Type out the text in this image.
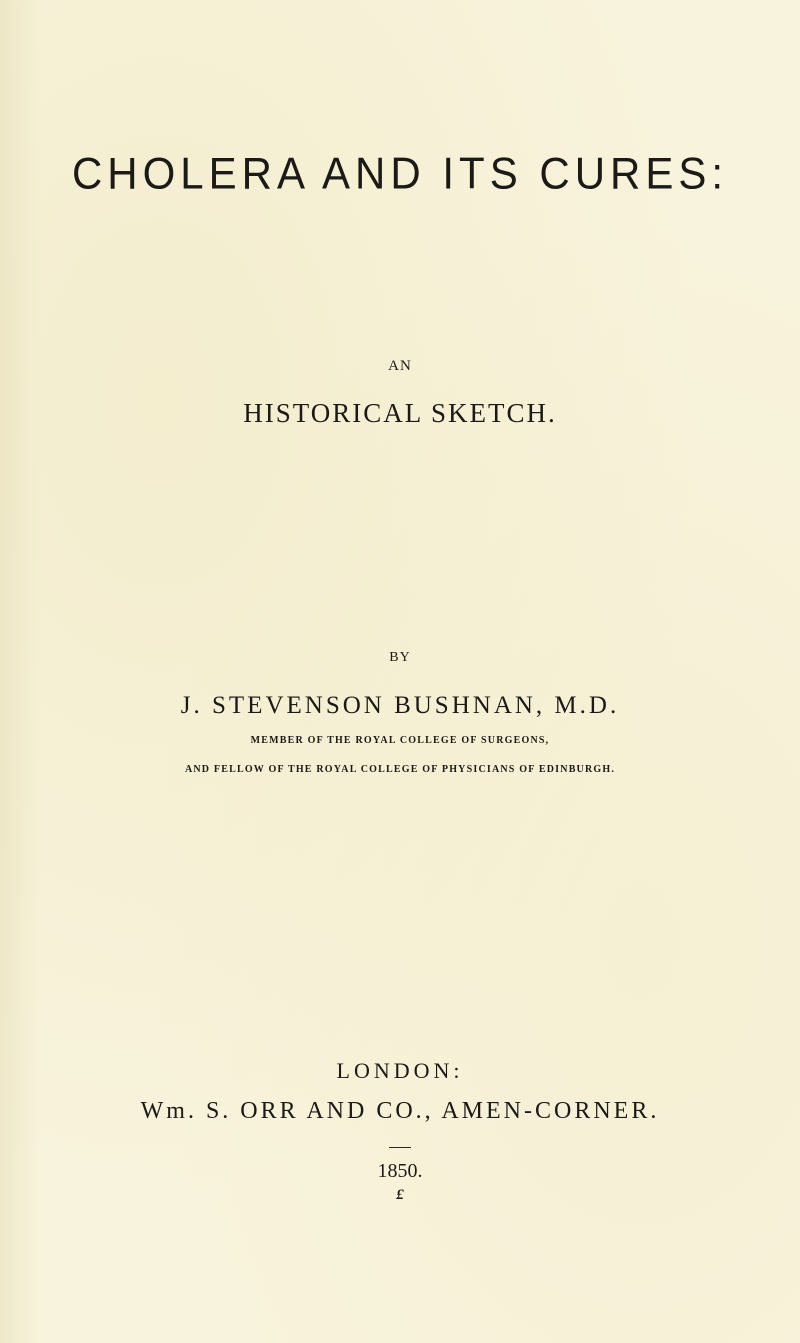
CHOLERA AND ITS CURES:
AN
HISTORICAL SKETCH.
BY
J. STEVENSON BUSHNAN, M.D.
MEMBER OF THE ROYAL COLLEGE OF SURGEONS,
AND FELLOW OF THE ROYAL COLLEGE OF PHYSICIANS OF EDINBURGH.
LONDON:
Wm. S. ORR AND CO., AMEN-CORNER.
1850.
£
